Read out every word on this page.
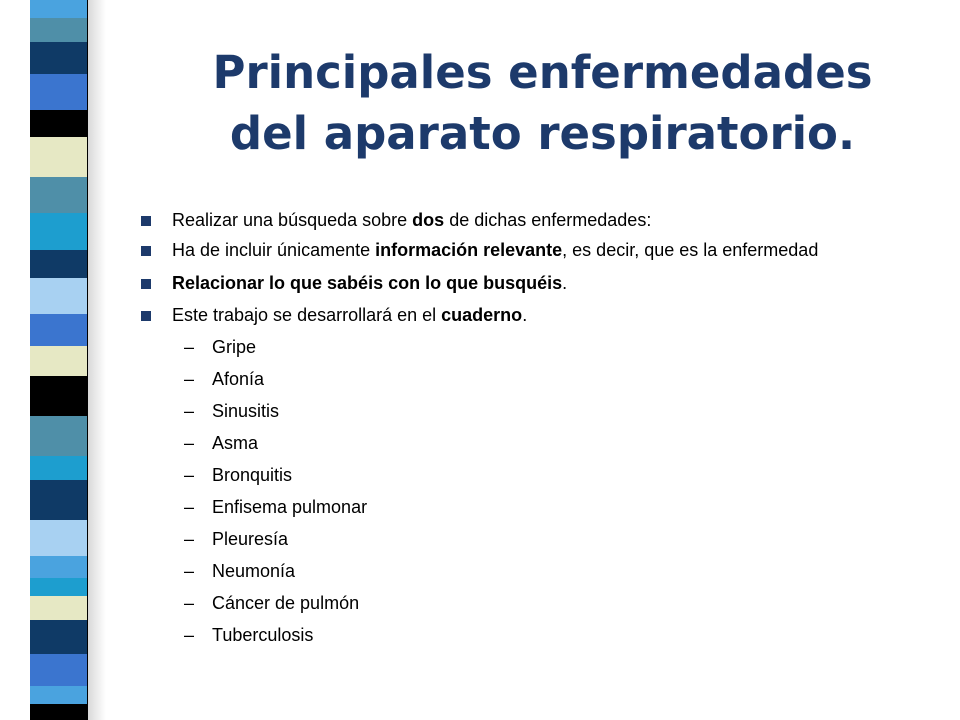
Principales enfermedades
del aparato respiratorio.
Realizar una búsqueda sobre dos de dichas enfermedades:
Ha de incluir únicamente información relevante, es decir, que es la enfermedad
Relacionar lo que sabéis con lo que busquéis.
Este trabajo se desarrollará en el cuaderno.
– Gripe
– Afonía
– Sinusitis
– Asma
– Bronquitis
– Enfisema pulmonar
– Pleuresía
– Neumonía
– Cáncer de pulmón
– Tuberculosis
